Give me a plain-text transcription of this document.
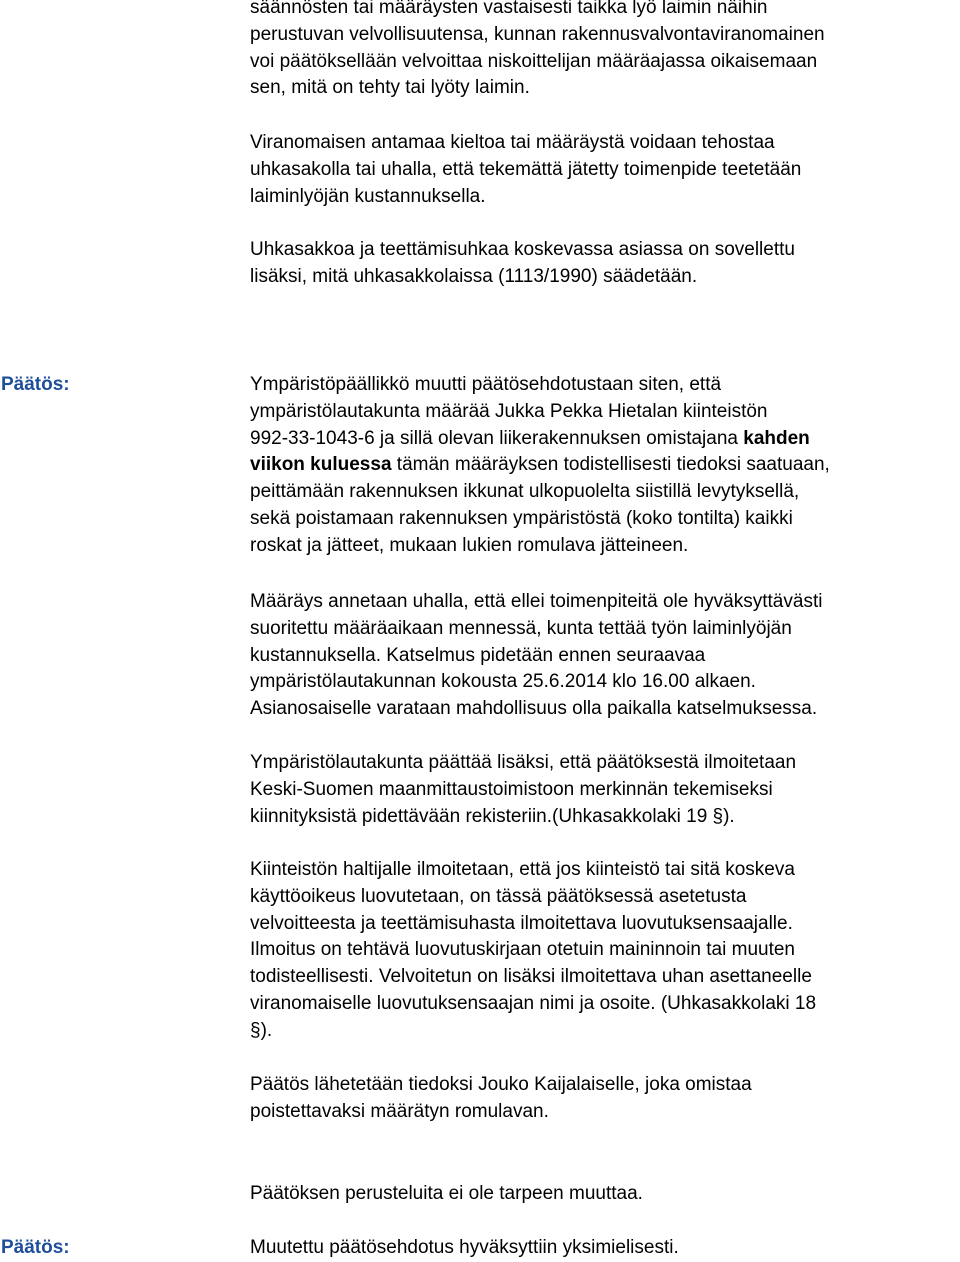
säännösten tai määräysten vastaisesti taikka lyö laimin näihin
perustuvan velvollisuutensa, kunnan rakennusvalvontaviranomainen
voi päätöksellään velvoittaa niskoittelijan määräajassa oikaisemaan
sen, mitä on tehty tai lyöty laimin.
Viranomaisen antamaa kieltoa tai määräystä voidaan tehostaa
uhkasakolla tai uhalla, että tekemättä jätetty toimenpide teetetään
laiminlyöjän kustannuksella.
Uhkasakkoa ja teettämisuhkaa koskevassa asiassa on sovellettu
lisäksi, mitä uhkasakkolaissa (1113/1990) säädetään.

Päätös:	Ympäristöpäällikkö muutti päätösehdotustaan siten, että
ympäristölautakunta määrää Jukka Pekka Hietalan kiinteistön
992-33-1043-6 ja sillä olevan liikerakennuksen omistajana kahden
viikon kuluessa tämän määräyksen todistellisesti tiedoksi saatuaan,
peittämään rakennuksen ikkunat ulkopuolelta siistillä levytyksellä,
sekä poistamaan rakennuksen ympäristöstä (koko tontilta) kaikki
roskat ja jätteet, mukaan lukien romulava jätteineen.
Määräys annetaan uhalla, että ellei toimenpiteitä ole hyväksyttävästi
suoritettu määräaikaan mennessä, kunta tettää työn laiminlyöjän
kustannuksella. Katselmus pidetään ennen seuraavaa
ympäristölautakunnan kokousta 25.6.2014 klo 16.00 alkaen.
Asianosaiselle varataan mahdollisuus olla paikalla katselmuksessa.
Ympäristölautakunta päättää lisäksi, että päätöksestä ilmoitetaan
Keski-Suomen maanmittaustoimistoon merkinnän tekemiseksi
kiinnityksistä pidettävään rekisteriin.(Uhkasakkolaki 19 §).
Kiinteistön haltijalle ilmoitetaan, että jos kiinteistö tai sitä koskeva
käyttöoikeus luovutetaan, on tässä päätöksessä asetetusta
velvoitteesta ja teettämisuhasta ilmoitettava luovutuksensaajalle.
Ilmoitus on tehtävä luovutuskirjaan otetuin maininnoin tai muuten
todisteellisesti. Velvoitetun on lisäksi ilmoitettava uhan asettaneelle
viranomaiselle luovutuksensaajan nimi ja osoite. (Uhkasakkolaki 18
§).
Päätös lähetetään tiedoksi Jouko Kaijalaiselle, joka omistaa
poistettavaksi määrätyn romulavan.
Päätöksen perusteluita ei ole tarpeen muuttaa.

Päätös:	Muutettu päätösehdotus hyväksyttiin yksimielisesti.
